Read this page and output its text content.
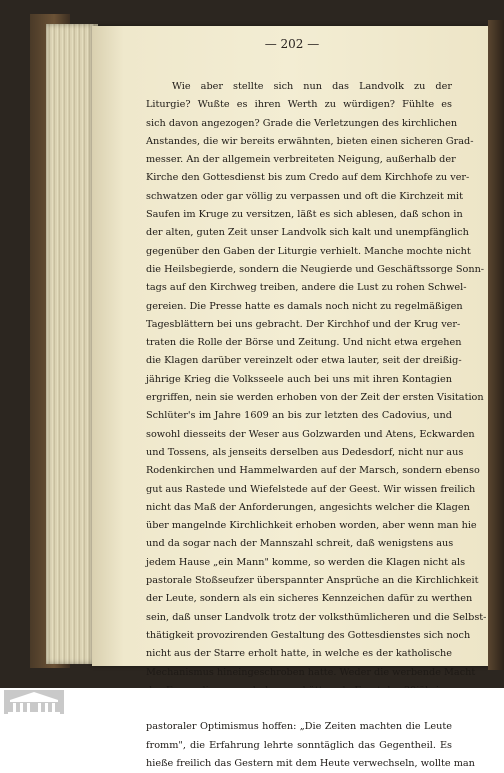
— 202 —
Wie aber stellte sich nun das Landvolk zu der
Liturgie? Wußte es ihren Werth zu würdigen? Fühlte es
sich davon angezogen? Grade die Verletzungen des kirchlichen
Anstandes, die wir bereits erwähnten, bieten einen sicheren Grad-
messer. An der allgemein verbreiteten Neigung, außerhalb der
Kirche den Gottesdienst bis zum Credo auf dem Kirchhofe zu ver-
schwatzen oder gar völlig zu verpassen und oft die Kirchzeit mit
Saufen im Kruge zu versitzen, läßt es sich ablesen, daß schon in
der alten, guten Zeit unser Landvolk sich kalt und unempfänglich
gegenüber den Gaben der Liturgie verhielt. Manche mochte nicht
die Heilsbegierde, sondern die Neugierde und Geschäftssorge Sonn-
tags auf den Kirchweg treiben, andere die Lust zu rohen Schwel-
gereien. Die Presse hatte es damals noch nicht zu regelmäßigen
Tagesblättern bei uns gebracht. Der Kirchhof und der Krug ver-
traten die Rolle der Börse und Zeitung. Und nicht etwa ergehen
die Klagen darüber vereinzelt oder etwa lauter, seit der dreißig-
jährige Krieg die Volksseele auch bei uns mit ihren Kontagien
ergriffen, nein sie werden erhoben von der Zeit der ersten Visitation
Schlüter's im Jahre 1609 an bis zur letzten des Cadovius, und
sowohl diesseits der Weser aus Golzwarden und Atens, Eckwarden
und Tossens, als jenseits derselben aus Dedesdorf, nicht nur aus
Rodenkirchen und Hammelwarden auf der Marsch, sondern ebenso
gut aus Rastede und Wiefelstede auf der Geest. Wir wissen freilich
nicht das Maß der Anforderungen, angesichts welcher die Klagen
über mangelnde Kirchlichkeit erhoben worden, aber wenn man hie
und da sogar nach der Mannszahl schreit, daß wenigstens aus
jedem Hause „ein Mann" komme, so werden die Klagen nicht als
pastorale Stoßseufzer überspannter Ansprüche an die Kirchlichkeit
der Leute, sondern als ein sicheres Kennzeichen dafür zu werthen
sein, daß unser Landvolk trotz der volksthümlicheren und die Selbst-
thätigkeit provozirenden Gestaltung des Gottesdienstes sich noch
nicht aus der Starre erholt hatte, in welche es der katholische
Mechanismus hineingeschroben hatte. Weder die werbende Macht
pastoraler Optimismus hoffen: „Die Zeiten machten die Leute
fromm", die Erfahrung lehrte sonntäglich das Gegentheil. Es
hieße freilich das Gestern mit dem Heute verwechseln, wollte man
